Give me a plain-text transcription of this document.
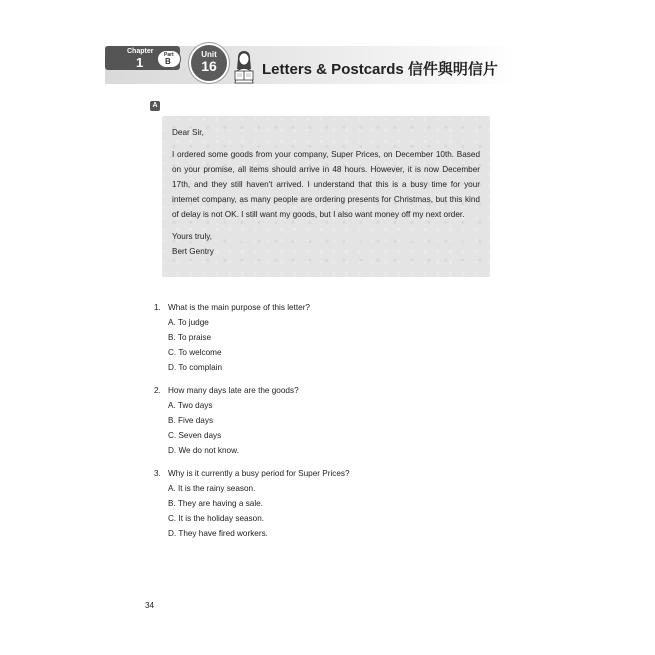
Chapter
1	Part
B
Unit
16	Letters & Postcards 信件與明信片
A

Dear Sir,

I ordered some goods from your company, Super Prices, on December 10th. Based on your promise, all items should arrive in 48 hours. However, it is now December 17th, and they still haven't arrived. I understand that this is a busy time for your internet company, as many people are ordering presents for Christmas, but this kind of delay is not OK. I still want my goods, but I also want money off my next order.

Yours truly,

Bert Gentry

1. What is the main purpose of this letter?
A. To judge
B. To praise
C. To welcome
D. To complain
2. How many days late are the goods?
A. Two days
B. Five days
C. Seven days
D. We do not know.
3. Why is it currently a busy period for Super Prices?
A. It is the rainy season.
B. They are having a sale.
C. It is the holiday season.
D. They have fired workers.
34
